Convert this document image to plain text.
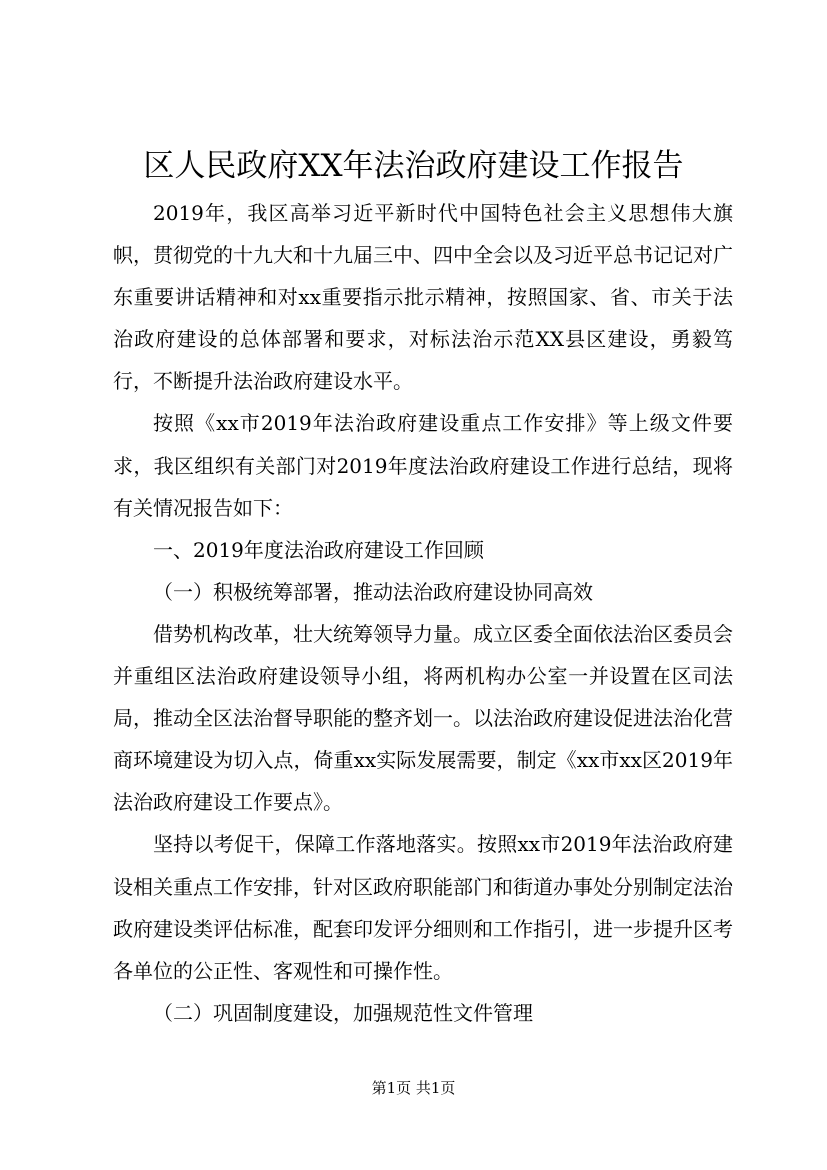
区人民政府XX年法治政府建设工作报告

2019年，我区高举习近平新时代中国特色社会主义思想伟大旗帜，贯彻党的十九大和十九届三中、四中全会以及习近平总书记记对广东重要讲话精神和对xx重要指示批示精神，按照国家、省、市关于法治政府建设的总体部署和要求，对标法治示范XX县区建设，勇毅笃行，不断提升法治政府建设水平。

按照《xx市2019年法治政府建设重点工作安排》等上级文件要求，我区组织有关部门对2019年度法治政府建设工作进行总结，现将有关情况报告如下：

一、2019年度法治政府建设工作回顾

（一）积极统筹部署，推动法治政府建设协同高效

借势机构改革，壮大统筹领导力量。成立区委全面依法治区委员会并重组区法治政府建设领导小组，将两机构办公室一并设置在区司法局，推动全区法治督导职能的整齐划一。以法治政府建设促进法治化营商环境建设为切入点，倚重xx实际发展需要，制定《xx市xx区2019年法治政府建设工作要点》。

坚持以考促干，保障工作落地落实。按照xx市2019年法治政府建设相关重点工作安排，针对区政府职能部门和街道办事处分别制定法治政府建设类评估标准，配套印发评分细则和工作指引，进一步提升区考各单位的公正性、客观性和可操作性。

（二）巩固制度建设，加强规范性文件管理

第1页 共1页
